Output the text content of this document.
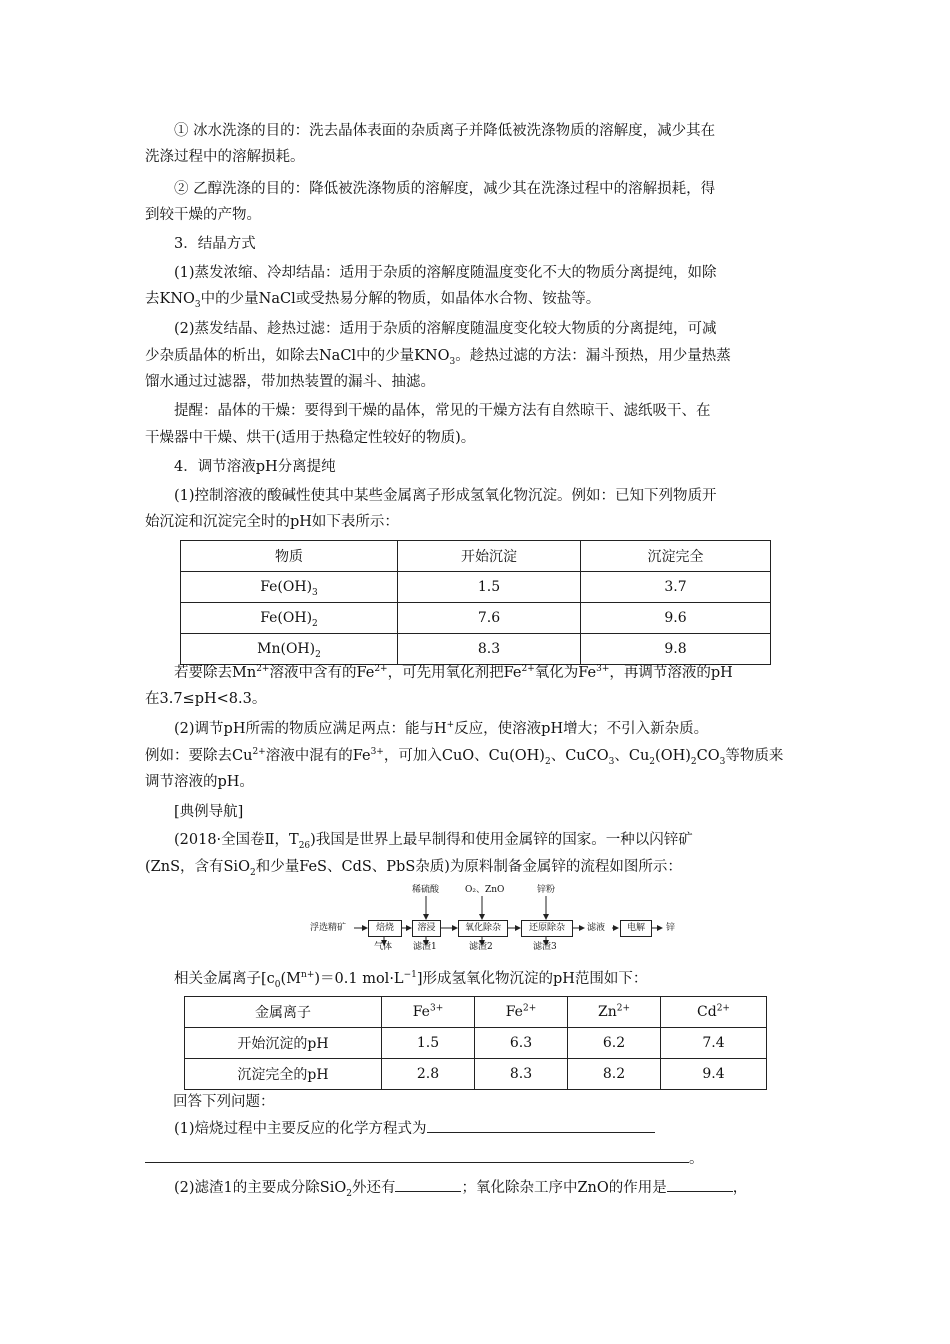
① 冰水洗涤的目的：洗去晶体表面的杂质离子并降低被洗涤物质的溶解度，减少其在

洗涤过程中的溶解损耗。

② 乙醇洗涤的目的：降低被洗涤物质的溶解度，减少其在洗涤过程中的溶解损耗，得

到较干燥的产物。

3．结晶方式

(1)蒸发浓缩、冷却结晶：适用于杂质的溶解度随温度变化不大的物质分离提纯，如除

去$KNO_3$中的少量NaCl或受热易分解的物质，如晶体水合物、铵盐等。

(2)蒸发结晶、趁热过滤：适用于杂质的溶解度随温度变化较大物质的分离提纯，可减

少杂质晶体的析出，如除去NaCl中的少量$KNO_3$。趁热过滤的方法：漏斗预热，用少量热蒸

馏水通过过滤器，带加热装置的漏斗、抽滤。

提醒：晶体的干燥：要得到干燥的晶体，常见的干燥方法有自然晾干、滤纸吸干、在

干燥器中干燥、烘干(适用于热稳定性较好的物质)。

4．调节溶液pH分离提纯

(1)控制溶液的酸碱性使其中某些金属离子形成氢氧化物沉淀。例如：已知下列物质开

始沉淀和沉淀完全时的pH如下表所示：

物质	开始沉淀	沉淀完全
$Fe(OH)_3$	1.5	3.7
$Fe(OH)_2$	7.6	9.6
$Mn(OH)_2$	8.3	9.8

若要除去$Mn^{2+}$溶液中含有的$Fe^{2+}$，可先用氧化剂把$Fe^{2+}$氧化为$Fe^{3+}$，再调节溶液的pH

在3.7≤pH<8.3。

(2)调节pH所需的物质应满足两点：能与H+反应，使溶液pH增大；不引入新杂质。

例如：要除去$Cu^{2+}$溶液中混有的$Fe^{3+}$，可加入CuO、$Cu(OH)_2$、CuCO$_3$、$Cu_2(OH)_2CO_3$等物质来

调节溶液的pH。

[典例导航]

(2018·全国卷Ⅱ，$T_{26}$)我国是世界上最早制得和使用金属锌的国家。一种以闪锌矿

(ZnS，含有SiO$_2$和少量FeS、CdS、PbS杂质)为原料制备金属锌的流程如图所示：

浮选精矿	焙烧	溶浸	氧化除杂	还原除杂	滤液	电解	锌
稀硫酸	O₂、ZnO	锌粉
气体 滤渣1	滤渣2	滤渣3

相关金属离子[$c_0(M^{n+})=0.1$ $mol\cdot L^{-1}$]形成氢氧化物沉淀的pH范围如下：

金属离子	$Fe^{3+}$	$Fe^{2+}$	$Zn^{2+}$	$Cd^{2+}$
开始沉淀的pH	1.5	6.3	6.2	7.4
沉淀完全的pH	2.8	8.3	8.2	9.4

回答下列问题：

(1)焙烧过程中主要反应的化学方程式为

。

(2)滤渣1的主要成分除SiO$_2$外还有	；氧化除杂工序中ZnO的作用是	，
